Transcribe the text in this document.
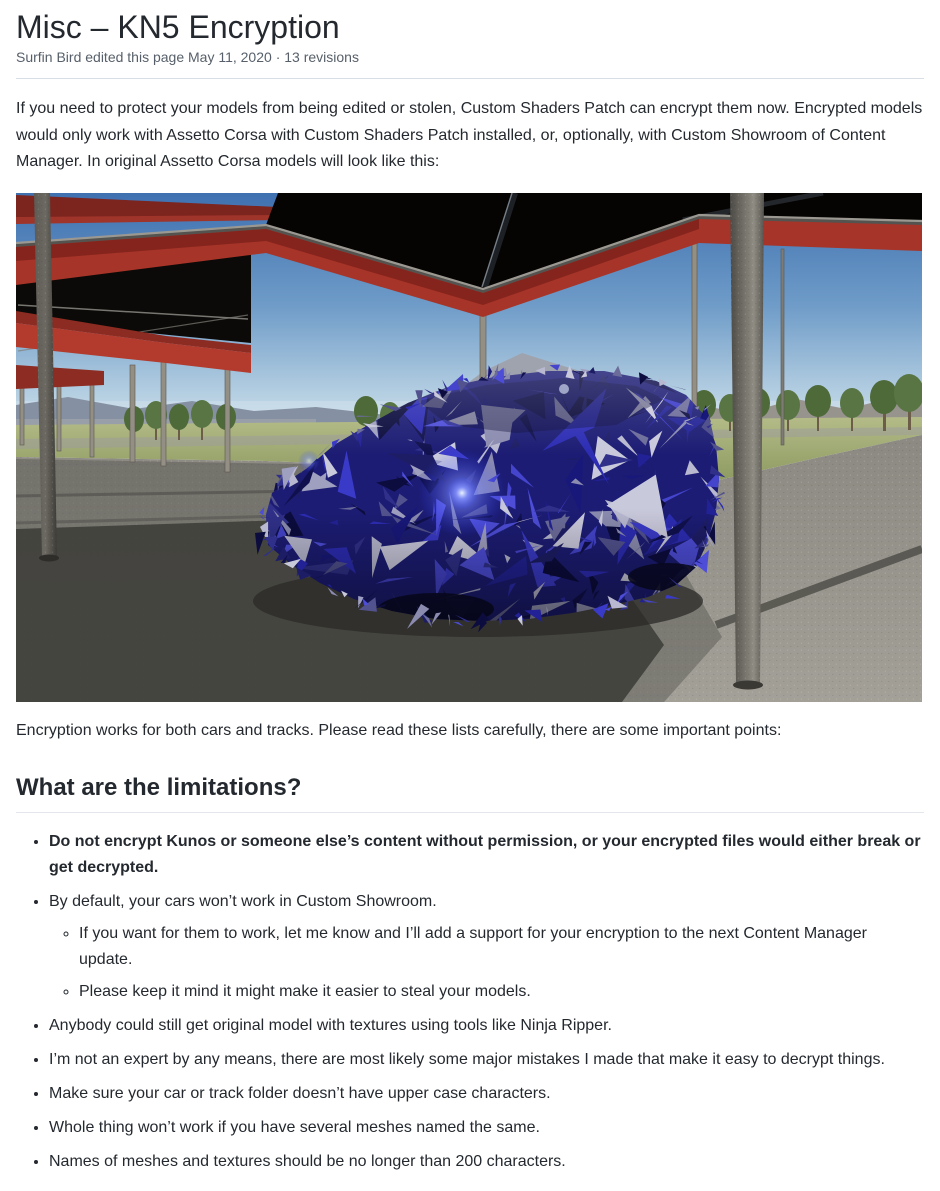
Misc – KN5 Encryption

Surfin Bird edited this page May 11, 2020 · 13 revisions

If you need to protect your models from being edited or stolen, Custom Shaders Patch can encrypt them now. Encrypted models would only work with Assetto Corsa with Custom Shaders Patch installed, or, optionally, with Custom Showroom of Content Manager. In original Assetto Corsa models will look like this:

Encryption works for both cars and tracks. Please read these lists carefully, there are some important points:

What are the limitations?
• Do not encrypt Kunos or someone else’s content without permission, or your encrypted files would either break or get decrypted.
• By default, your cars won’t work in Custom Showroom.
◦ If you want for them to work, let me know and I’ll add a support for your encryption to the next Content Manager update.
◦ Please keep it mind it might make it easier to steal your models.
• Anybody could still get original model with textures using tools like Ninja Ripper.
• I’m not an expert by any means, there are most likely some major mistakes I made that make it easy to decrypt things.
• Make sure your car or track folder doesn’t have upper case characters.
• Whole thing won’t work if you have several meshes named the same.
• Names of meshes and textures should be no longer than 200 characters.
